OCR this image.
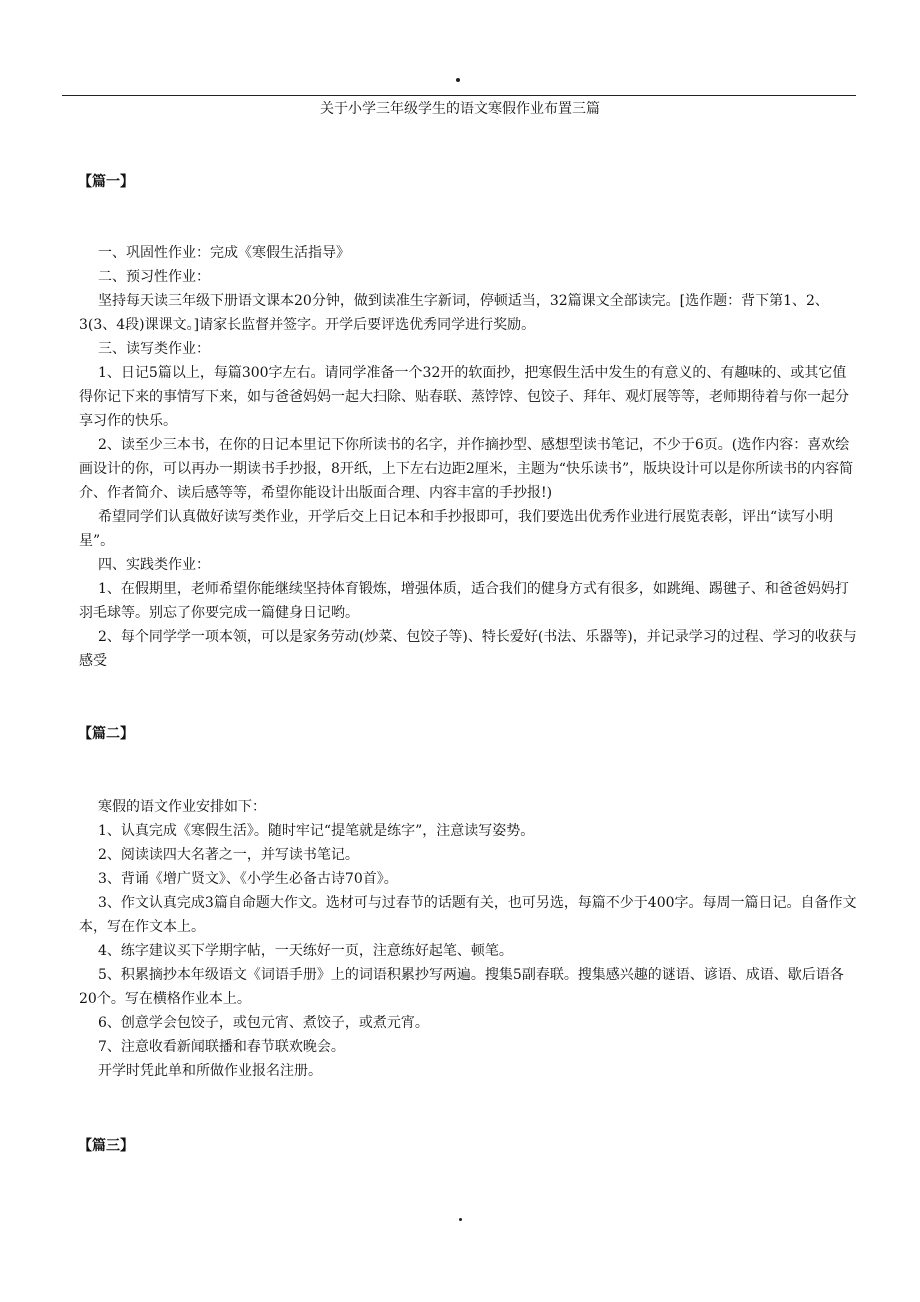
关于小学三年级学生的语文寒假作业布置三篇
【篇一】

一、巩固性作业：完成《寒假生活指导》

二、预习性作业：

坚持每天读三年级下册语文课本20分钟，做到读准生字新词，停顿适当，32篇课文全部读完。[选作题：背下第1、2、3(3、4段)课课文。]请家长监督并签字。开学后要评选优秀同学进行奖励。

三、读写类作业：

1、日记5篇以上，每篇300字左右。请同学准备一个32开的软面抄，把寒假生活中发生的有意义的、有趣味的、或其它值得你记下来的事情写下来，如与爸爸妈妈一起大扫除、贴春联、蒸饽饽、包饺子、拜年、观灯展等等，老师期待着与你一起分享习作的快乐。

2、读至少三本书，在你的日记本里记下你所读书的名字，并作摘抄型、感想型读书笔记，不少于6页。(选作内容：喜欢绘画设计的你，可以再办一期读书手抄报，8开纸，上下左右边距2厘米，主题为“快乐读书”，版块设计可以是你所读书的内容简介、作者简介、读后感等等，希望你能设计出版面合理、内容丰富的手抄报!)

希望同学们认真做好读写类作业，开学后交上日记本和手抄报即可，我们要选出优秀作业进行展览表彰，评出“读写小明星”。

四、实践类作业：

1、在假期里，老师希望你能继续坚持体育锻炼，增强体质，适合我们的健身方式有很多，如跳绳、踢毽子、和爸爸妈妈打羽毛球等。别忘了你要完成一篇健身日记哟。

2、每个同学学一项本领，可以是家务劳动(炒菜、包饺子等)、特长爱好(书法、乐器等)，并记录学习的过程、学习的收获与感受

【篇二】

寒假的语文作业安排如下：

1、认真完成《寒假生活》。随时牢记“提笔就是练字”，注意读写姿势。

2、阅读读四大名著之一，并写读书笔记。

3、背诵《增广贤文》、《小学生必备古诗70首》。

3、作文认真完成3篇自命题大作文。选材可与过春节的话题有关，也可另选，每篇不少于400字。每周一篇日记。自备作文本，写在作文本上。

4、练字建议买下学期字帖，一天练好一页，注意练好起笔、顿笔。

5、积累摘抄本年级语文《词语手册》上的词语积累抄写两遍。搜集5副春联。搜集感兴趣的谜语、谚语、成语、歇后语各20个。写在横格作业本上。

6、创意学会包饺子，或包元宵、煮饺子，或煮元宵。

7、注意收看新闻联播和春节联欢晚会。

开学时凭此单和所做作业报名注册。

【篇三】
